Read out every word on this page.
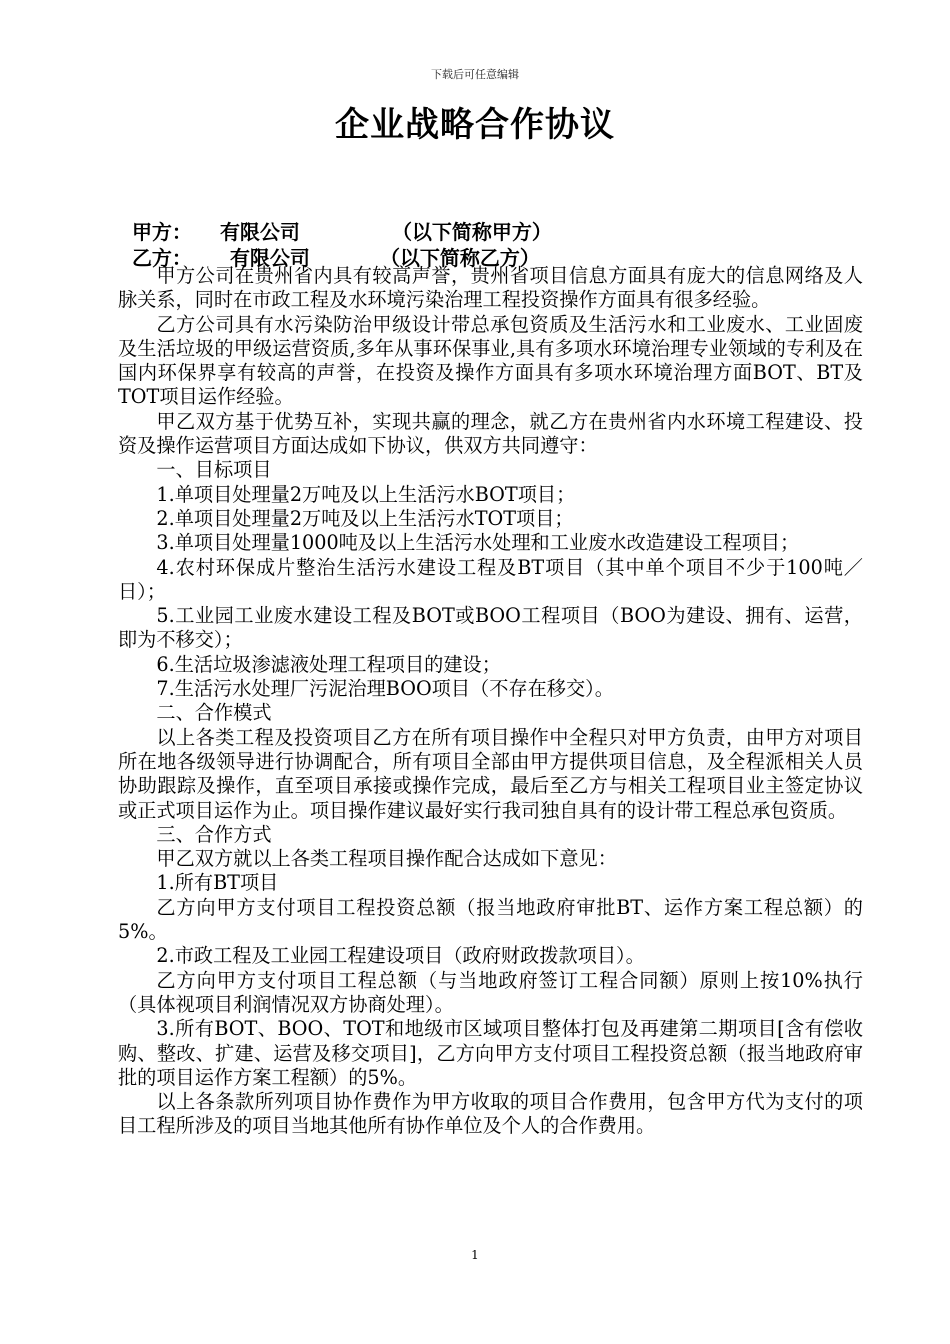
下载后可任意编辑
企业战略合作协议

甲方： 有限公司	（以下简称甲方）

乙方： 有限公司	（以下简称乙方）

甲方公司在贵州省内具有较高声誉，贵州省项目信息方面具有庞大的信息网络及人脉关系，同时在市政工程及水环境污染治理工程投资操作方面具有很多经验。

乙方公司具有水污染防治甲级设计带总承包资质及生活污水和工业废水、工业固废及生活垃圾的甲级运营资质,多年从事环保事业,具有多项水环境治理专业领域的专利及在国内环保界享有较高的声誉，在投资及操作方面具有多项水环境治理方面BOT、BT及TOT项目运作经验。

甲乙双方基于优势互补，实现共赢的理念，就乙方在贵州省内水环境工程建设、投资及操作运营项目方面达成如下协议，供双方共同遵守：

一、目标项目

1.单项目处理量2万吨及以上生活污水BOT项目；

2.单项目处理量2万吨及以上生活污水TOT项目；

3.单项目处理量1000吨及以上生活污水处理和工业废水改造建设工程项目；

4.农村环保成片整治生活污水建设工程及BT项目（其中单个项目不少于100吨／日）；

5.工业园工业废水建设工程及BOT或BOO工程项目（BOO为建设、拥有、运营，即为不移交）；

6.生活垃圾渗滤液处理工程项目的建设；

7.生活污水处理厂污泥治理BOO项目（不存在移交）。

二、合作模式

以上各类工程及投资项目乙方在所有项目操作中全程只对甲方负责，由甲方对项目所在地各级领导进行协调配合，所有项目全部由甲方提供项目信息，及全程派相关人员协助跟踪及操作，直至项目承接或操作完成，最后至乙方与相关工程项目业主签定协议或正式项目运作为止。项目操作建议最好实行我司独自具有的设计带工程总承包资质。

三、合作方式

甲乙双方就以上各类工程项目操作配合达成如下意见：

1.所有BT项目

乙方向甲方支付项目工程投资总额（报当地政府审批BT、运作方案工程总额）的5%。

2.市政工程及工业园工程建设项目（政府财政拨款项目）。

乙方向甲方支付项目工程总额（与当地政府签订工程合同额）原则上按10%执行（具体视项目利润情况双方协商处理）。

3.所有BOT、BOO、TOT和地级市区域项目整体打包及再建第二期项目[含有偿收购、整改、扩建、运营及移交项目]，乙方向甲方支付项目工程投资总额（报当地政府审批的项目运作方案工程额）的5%。

以上各条款所列项目协作费作为甲方收取的项目合作费用，包含甲方代为支付的项目工程所涉及的项目当地其他所有协作单位及个人的合作费用。

1
